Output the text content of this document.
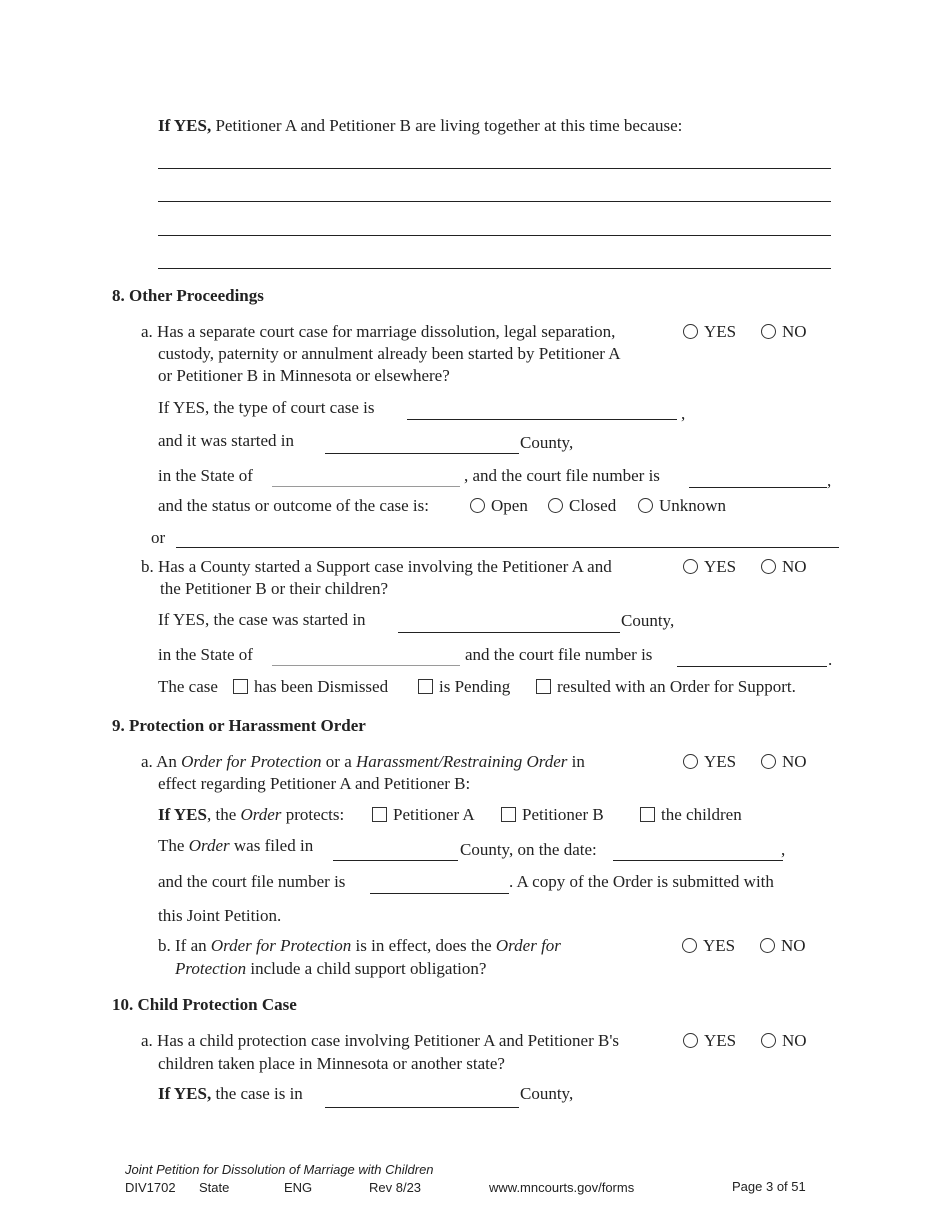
If YES, Petitioner A and Petitioner B are living together at this time because:
8. Other Proceedings
a. Has a separate court case for marriage dissolution, legal separation,
custody, paternity or annulment already been started by Petitioner A
or Petitioner B in Minnesota or elsewhere?
YES	NO
If YES, the type of court case is	,
and it was started in	County,
in the State of	, and the court file number is	,
and the status or outcome of the case is:	Open	Closed	Unknown
or
b. Has a County started a Support case involving the Petitioner A and
the Petitioner B or their children?
YES	NO
If YES, the case was started in	County,
in the State of	and the court file number is	.
The case	has been Dismissed	is Pending	resulted with an Order for Support.
9. Protection or Harassment Order
a. An Order for Protection or a Harassment/Restraining Order in
effect regarding Petitioner A and Petitioner B:
YES	NO
If YES, the Order protects:	Petitioner A	Petitioner B	the children
The Order was filed in	County, on the date:	,
and the court file number is	. A copy of the Order is submitted with
this Joint Petition.
b. If an Order for Protection is in effect, does the Order for
Protection include a child support obligation?
YES	NO
10. Child Protection Case
a. Has a child protection case involving Petitioner A and Petitioner B's
children taken place in Minnesota or another state?
YES	NO
If YES, the case is in	County,
Joint Petition for Dissolution of Marriage with Children
DIV1702 State	ENG	Rev 8/23	www.mncourts.gov/forms	Page 3 of 51
